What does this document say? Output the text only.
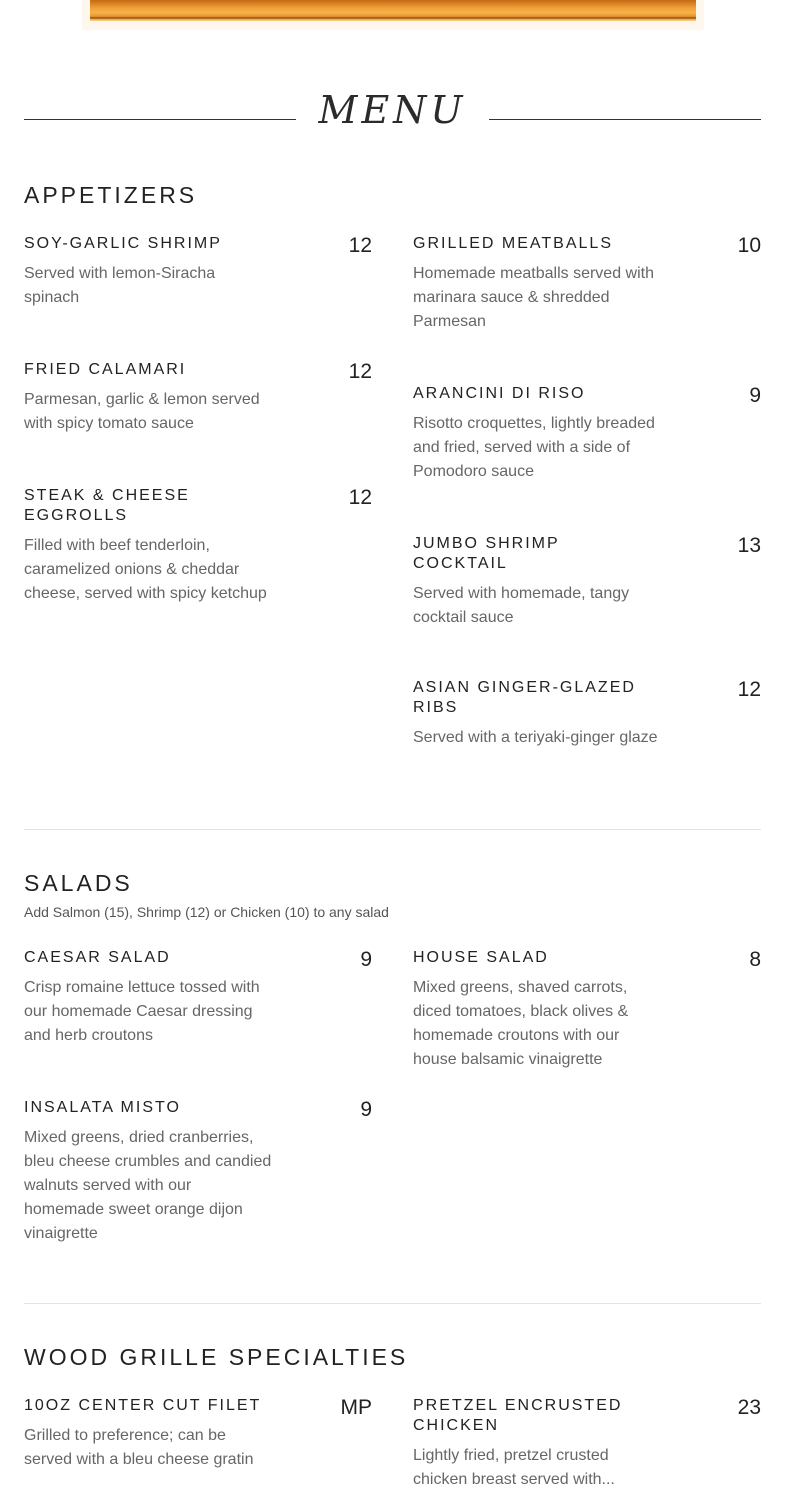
MENU
APPETIZERS
SOY-GARLIC SHRIMP	12
Served with lemon-Siracha spinach
FRIED CALAMARI	12
Parmesan, garlic & lemon served with spicy tomato sauce
STEAK & CHEESE EGGROLLS
12
Filled with beef tenderloin, caramelized onions & cheddar cheese, served with spicy ketchup
GRILLED MEATBALLS	10
Homemade meatballs served with marinara sauce & shredded Parmesan
ARANCINI DI RISO	9
Risotto croquettes, lightly breaded and fried, served with a side of Pomodoro sauce
JUMBO SHRIMP COCKTAIL
13
Served with homemade, tangy cocktail sauce
ASIAN GINGER-GLAZED RIBS
12
Served with a teriyaki-ginger glaze
SALADS
Add Salmon (15), Shrimp (12) or Chicken (10) to any salad
CAESAR SALAD	9
Crisp romaine lettuce tossed with our homemade Caesar dressing and herb croutons
INSALATA MISTO	9
Mixed greens, dried cranberries, bleu cheese crumbles and candied walnuts served with our homemade sweet orange dijon vinaigrette
HOUSE SALAD	8
Mixed greens, shaved carrots, diced tomatoes, black olives & homemade croutons with our house balsamic vinaigrette
WOOD GRILLE SPECIALTIES
10OZ CENTER CUT FILET	MP
Grilled to preference; can be served with a bleu cheese gratin
PRETZEL ENCRUSTED CHICKEN
23
Lightly fried, pretzel crusted chicken breast served with...
